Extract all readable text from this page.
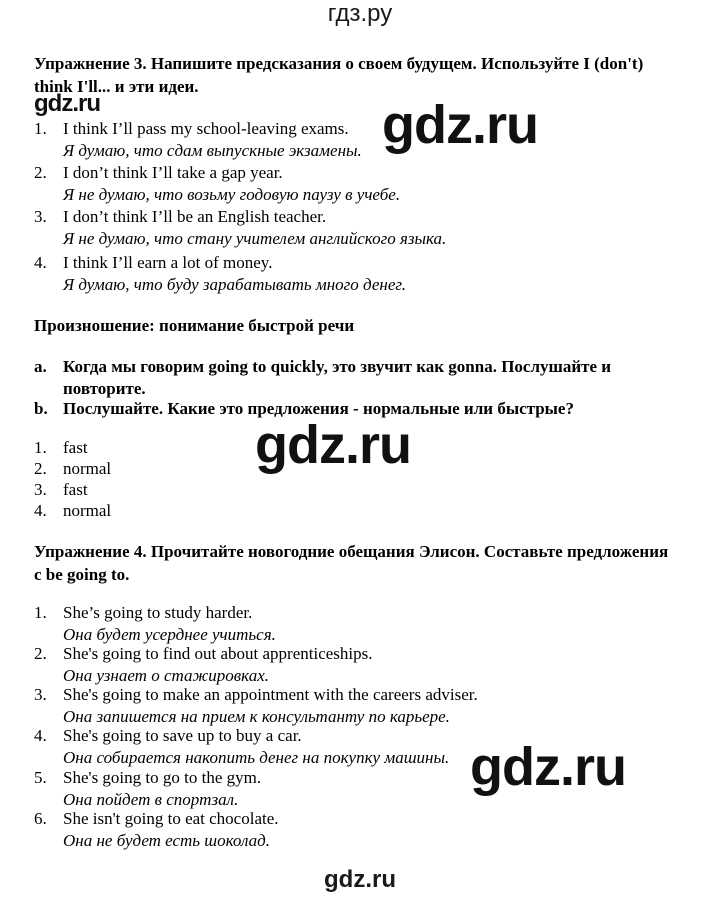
гдз.ру
Упражнение 3. Напишите предсказания о своем будущем. Используйте I (don't) think I'll... и эти идеи.
gdz.ru
1. I think I’ll pass my school-leaving exams.
Я думаю, что сдам выпускные экзамены.
2. I don’t think I’ll take a gap year.
Я не думаю, что возьму годовую паузу в учебе.
3. I don’t think I’ll be an English teacher.
Я не думаю, что стану учителем английского языка.
4. I think I’ll earn a lot of money.
Я думаю, что буду зарабатывать много денег.
Произношение: понимание быстрой речи
a. Когда мы говорим going to quickly, это звучит как gonna. Послушайте и повторите.
b. Послушайте. Какие это предложения - нормальные или быстрые?
1. fast
2. normal
3. fast
4. normal
Упражнение 4. Прочитайте новогодние обещания Элисон. Составьте предложения с be going to.
1. She’s going to study harder.
Она будет усерднее учиться.
2. She's going to find out about apprenticeships.
Она узнает о стажировках.
3. She's going to make an appointment with the careers adviser.
Она запишется на прием к консультанту по карьере.
4. She's going to save up to buy a car.
Она собирается накопить денег на покупку машины.
5. She's going to go to the gym.
Она пойдет в спортзал.
6. She isn't going to eat chocolate.
Она не будет есть шоколад.
gdz.ru
gdz.ru
gdz.ru
gdz.ru
